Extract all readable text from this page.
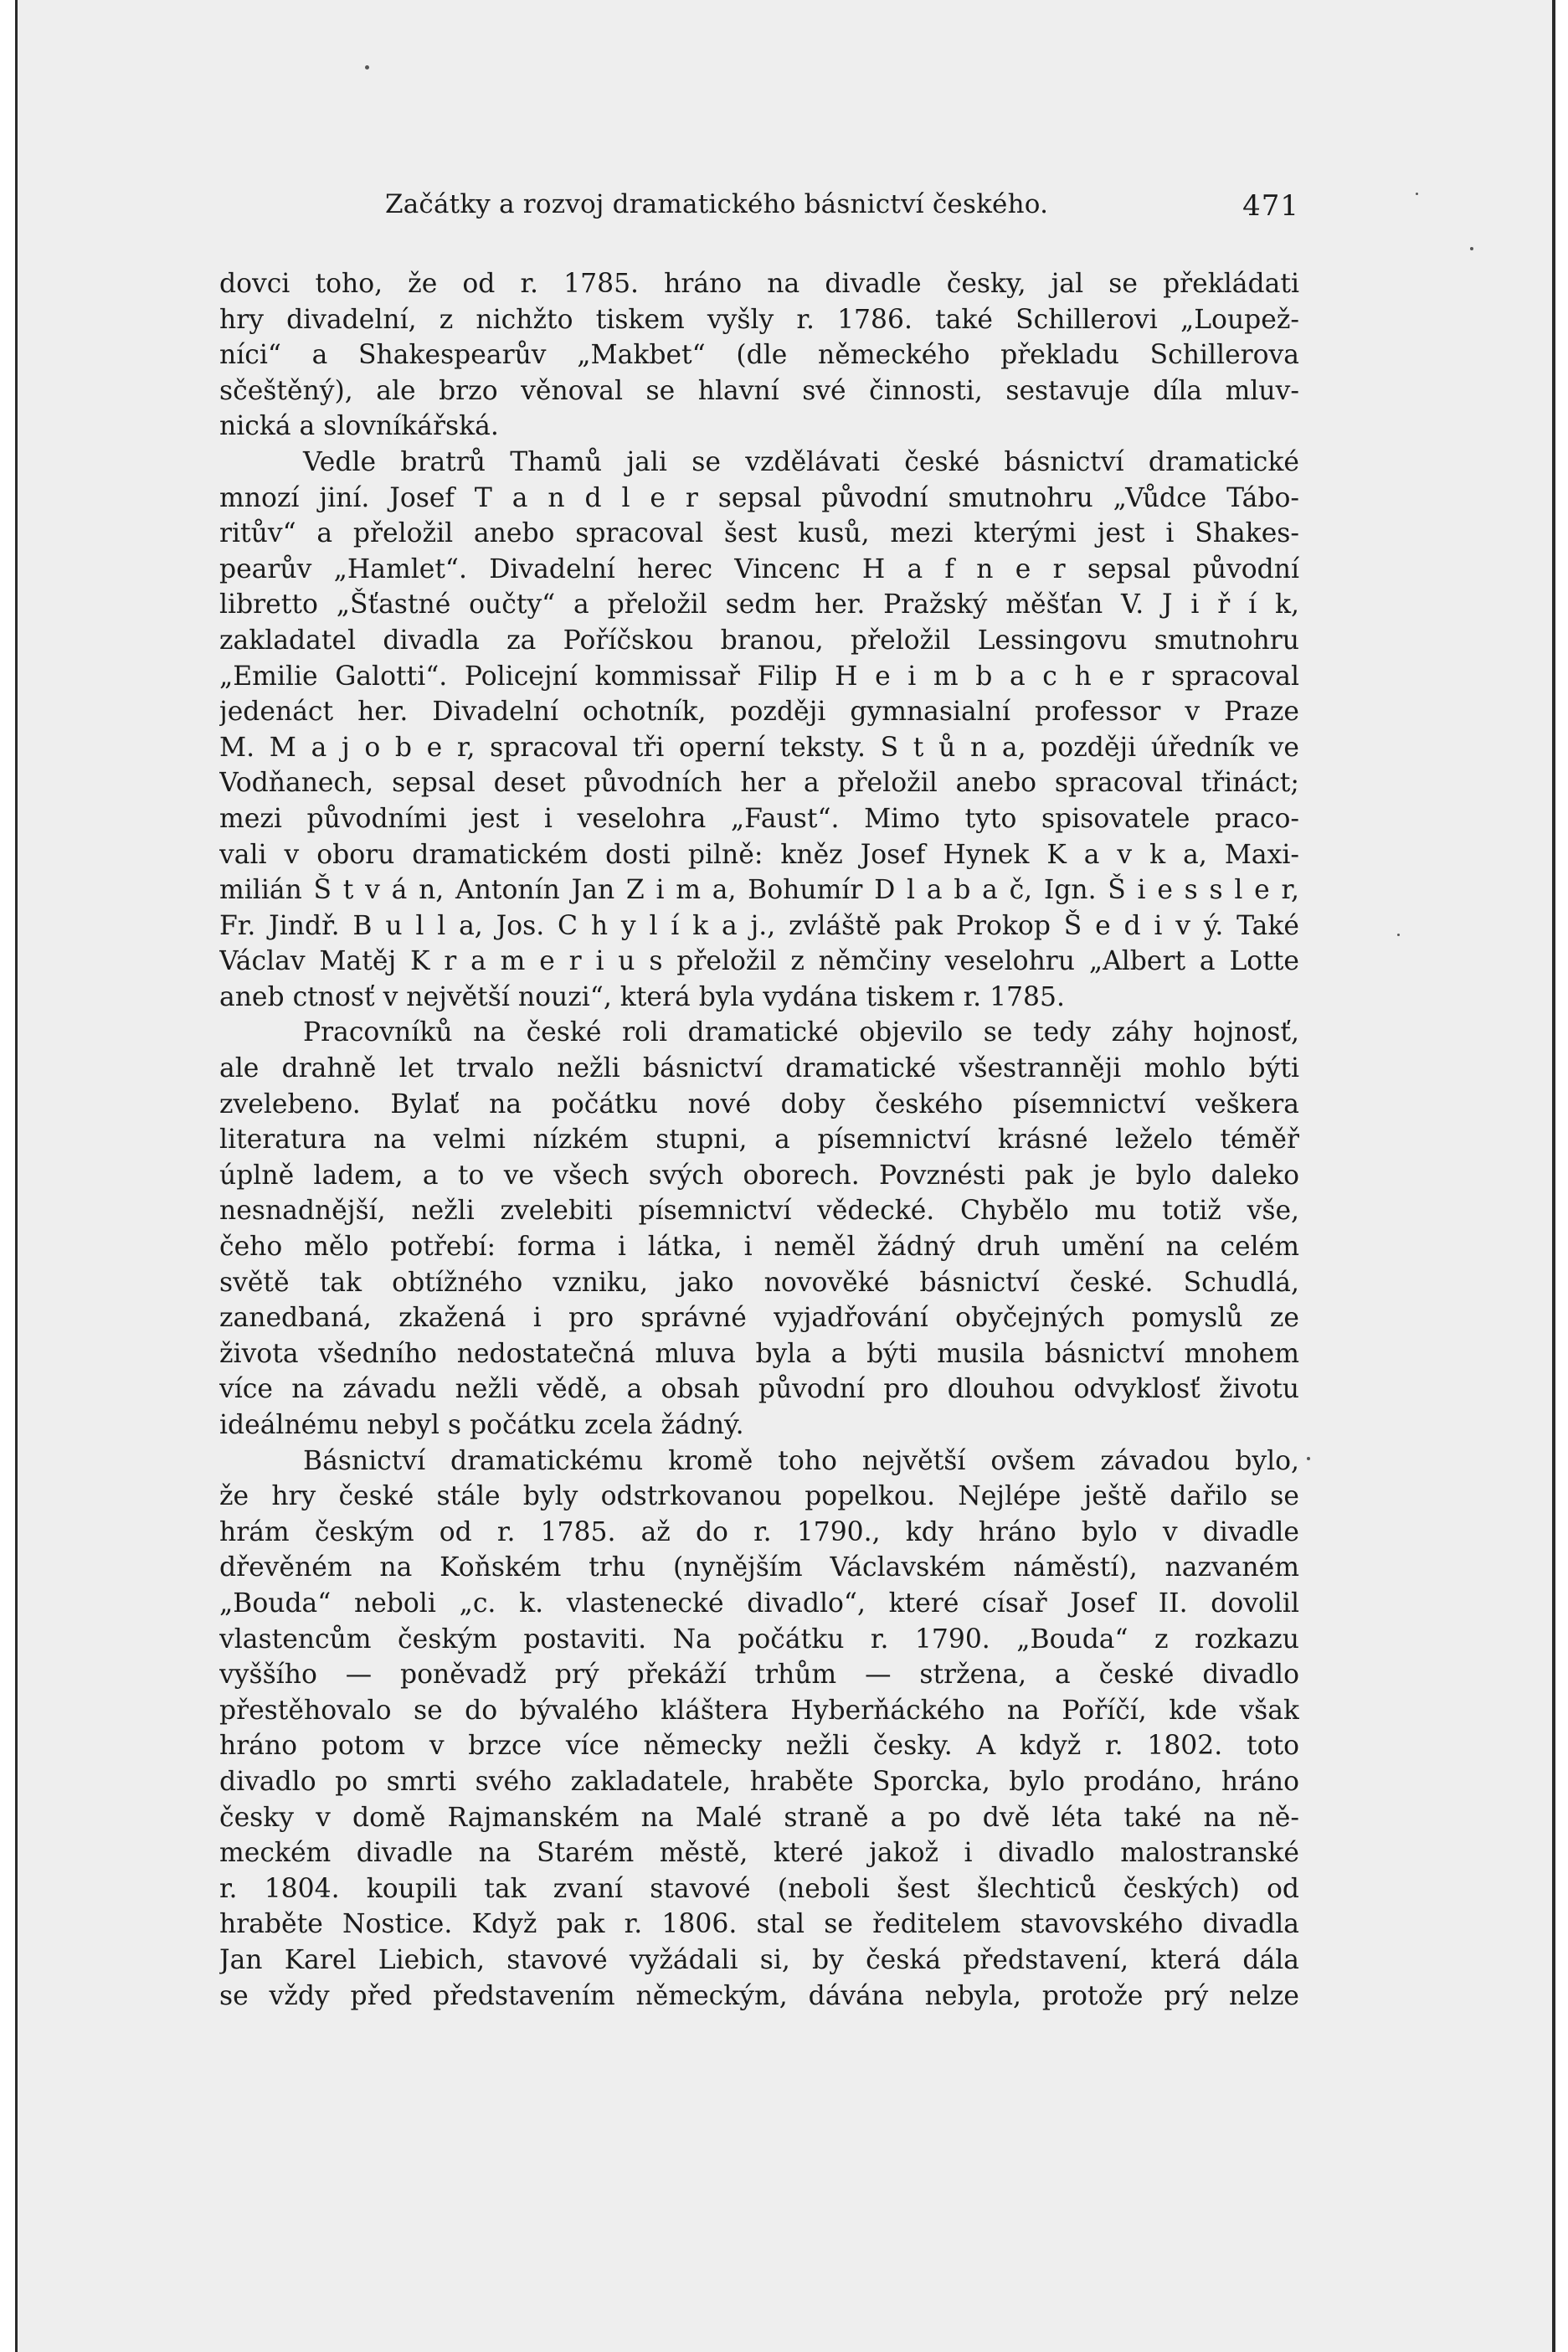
Začátky a rozvoj dramatického básnictví českého.	471
dovci toho, že od r. 1785. hráno na divadle česky, jal se překládati
hry divadelní, z nichžto tiskem vyšly r. 1786. také Schillerovi „Loupež-
níci“ a Shakespearův „Makbet“ (dle německého překladu Schillerova
sčeštěný), ale brzo věnoval se hlavní své činnosti, sestavuje díla mluv-
nická a slovníkářská.
Vedle bratrů Thamů jali se vzdělávati české básnictví dramatické
mnozí jiní. Josef T a n d l e r sepsal původní smutnohru „Vůdce Tábo-
ritův“ a přeložil anebo spracoval šest kusů, mezi kterými jest i Shakes-
pearův „Hamlet“. Divadelní herec Vincenc H a f n e r sepsal původní
libretto „Šťastné oučty“ a přeložil sedm her. Pražský měšťan V. J i ř í k,
zakladatel divadla za Poříčskou branou, přeložil Lessingovu smutnohru
„Emilie Galotti“. Policejní kommissař Filip H e i m b a c h e r spracoval
jedenáct her. Divadelní ochotník, později gymnasialní professor v Praze
M. M a j o b e r, spracoval tři operní teksty. S t ů n a, později úředník ve
Vodňanech, sepsal deset původních her a přeložil anebo spracoval třináct;
mezi původními jest i veselohra „Faust“. Mimo tyto spisovatele praco-
vali v oboru dramatickém dosti pilně: kněz Josef Hynek K a v k a, Maxi-
milián Š t v á n, Antonín Jan Z i m a, Bohumír D l a b a č, Ign. Š i e s s l e r,
Fr. Jindř. B u l l a, Jos. C h y l í k a j., zvláště pak Prokop Š e d i v ý. Také
Václav Matěj K r a m e r i u s přeložil z němčiny veselohru „Albert a Lotte
aneb ctnosť v největší nouzi“, která byla vydána tiskem r. 1785.
Pracovníků na české roli dramatické objevilo se tedy záhy hojnosť,
ale drahně let trvalo nežli básnictví dramatické všestranněji mohlo býti
zvelebeno. Bylať na počátku nové doby českého písemnictví veškera
literatura na velmi nízkém stupni, a písemnictví krásné leželo téměř
úplně ladem, a to ve všech svých oborech. Povznésti pak je bylo daleko
nesnadnější, nežli zvelebiti písemnictví vědecké. Chybělo mu totiž vše,
čeho mělo potřebí: forma i látka, i neměl žádný druh umění na celém
světě tak obtížného vzniku, jako novověké básnictví české. Schudlá,
zanedbaná, zkažená i pro správné vyjadřování obyčejných pomyslů ze
života všedního nedostatečná mluva byla a býti musila básnictví mnohem
více na závadu nežli vědě, a obsah původní pro dlouhou odvyklosť životu
ideálnému nebyl s počátku zcela žádný.
Básnictví dramatickému kromě toho největší ovšem závadou bylo,
že hry české stále byly odstrkovanou popelkou. Nejlépe ještě dařilo se
hrám českým od r. 1785. až do r. 1790., kdy hráno bylo v divadle
dřevěném na Koňském trhu (nynějším Václavském náměstí), nazvaném
„Bouda“ neboli „c. k. vlastenecké divadlo“, které císař Josef II. dovolil
vlastencům českým postaviti. Na počátku r. 1790. „Bouda“ z rozkazu
vyššího — poněvadž prý překáží trhům — stržena, a české divadlo
přestěhovalo se do bývalého kláštera Hyberňáckého na Poříčí, kde však
hráno potom v brzce více německy nežli česky. A když r. 1802. toto
divadlo po smrti svého zakladatele, hraběte Sporcka, bylo prodáno, hráno
česky v domě Rajmanském na Malé straně a po dvě léta také na ně-
meckém divadle na Starém městě, které jakož i divadlo malostranské
r. 1804. koupili tak zvaní stavové (neboli šest šlechticů českých) od
hraběte Nostice. Když pak r. 1806. stal se ředitelem stavovského divadla
Jan Karel Liebich, stavové vyžádali si, by česká představení, která dála
se vždy před představením německým, dávána nebyla, protože prý nelze
